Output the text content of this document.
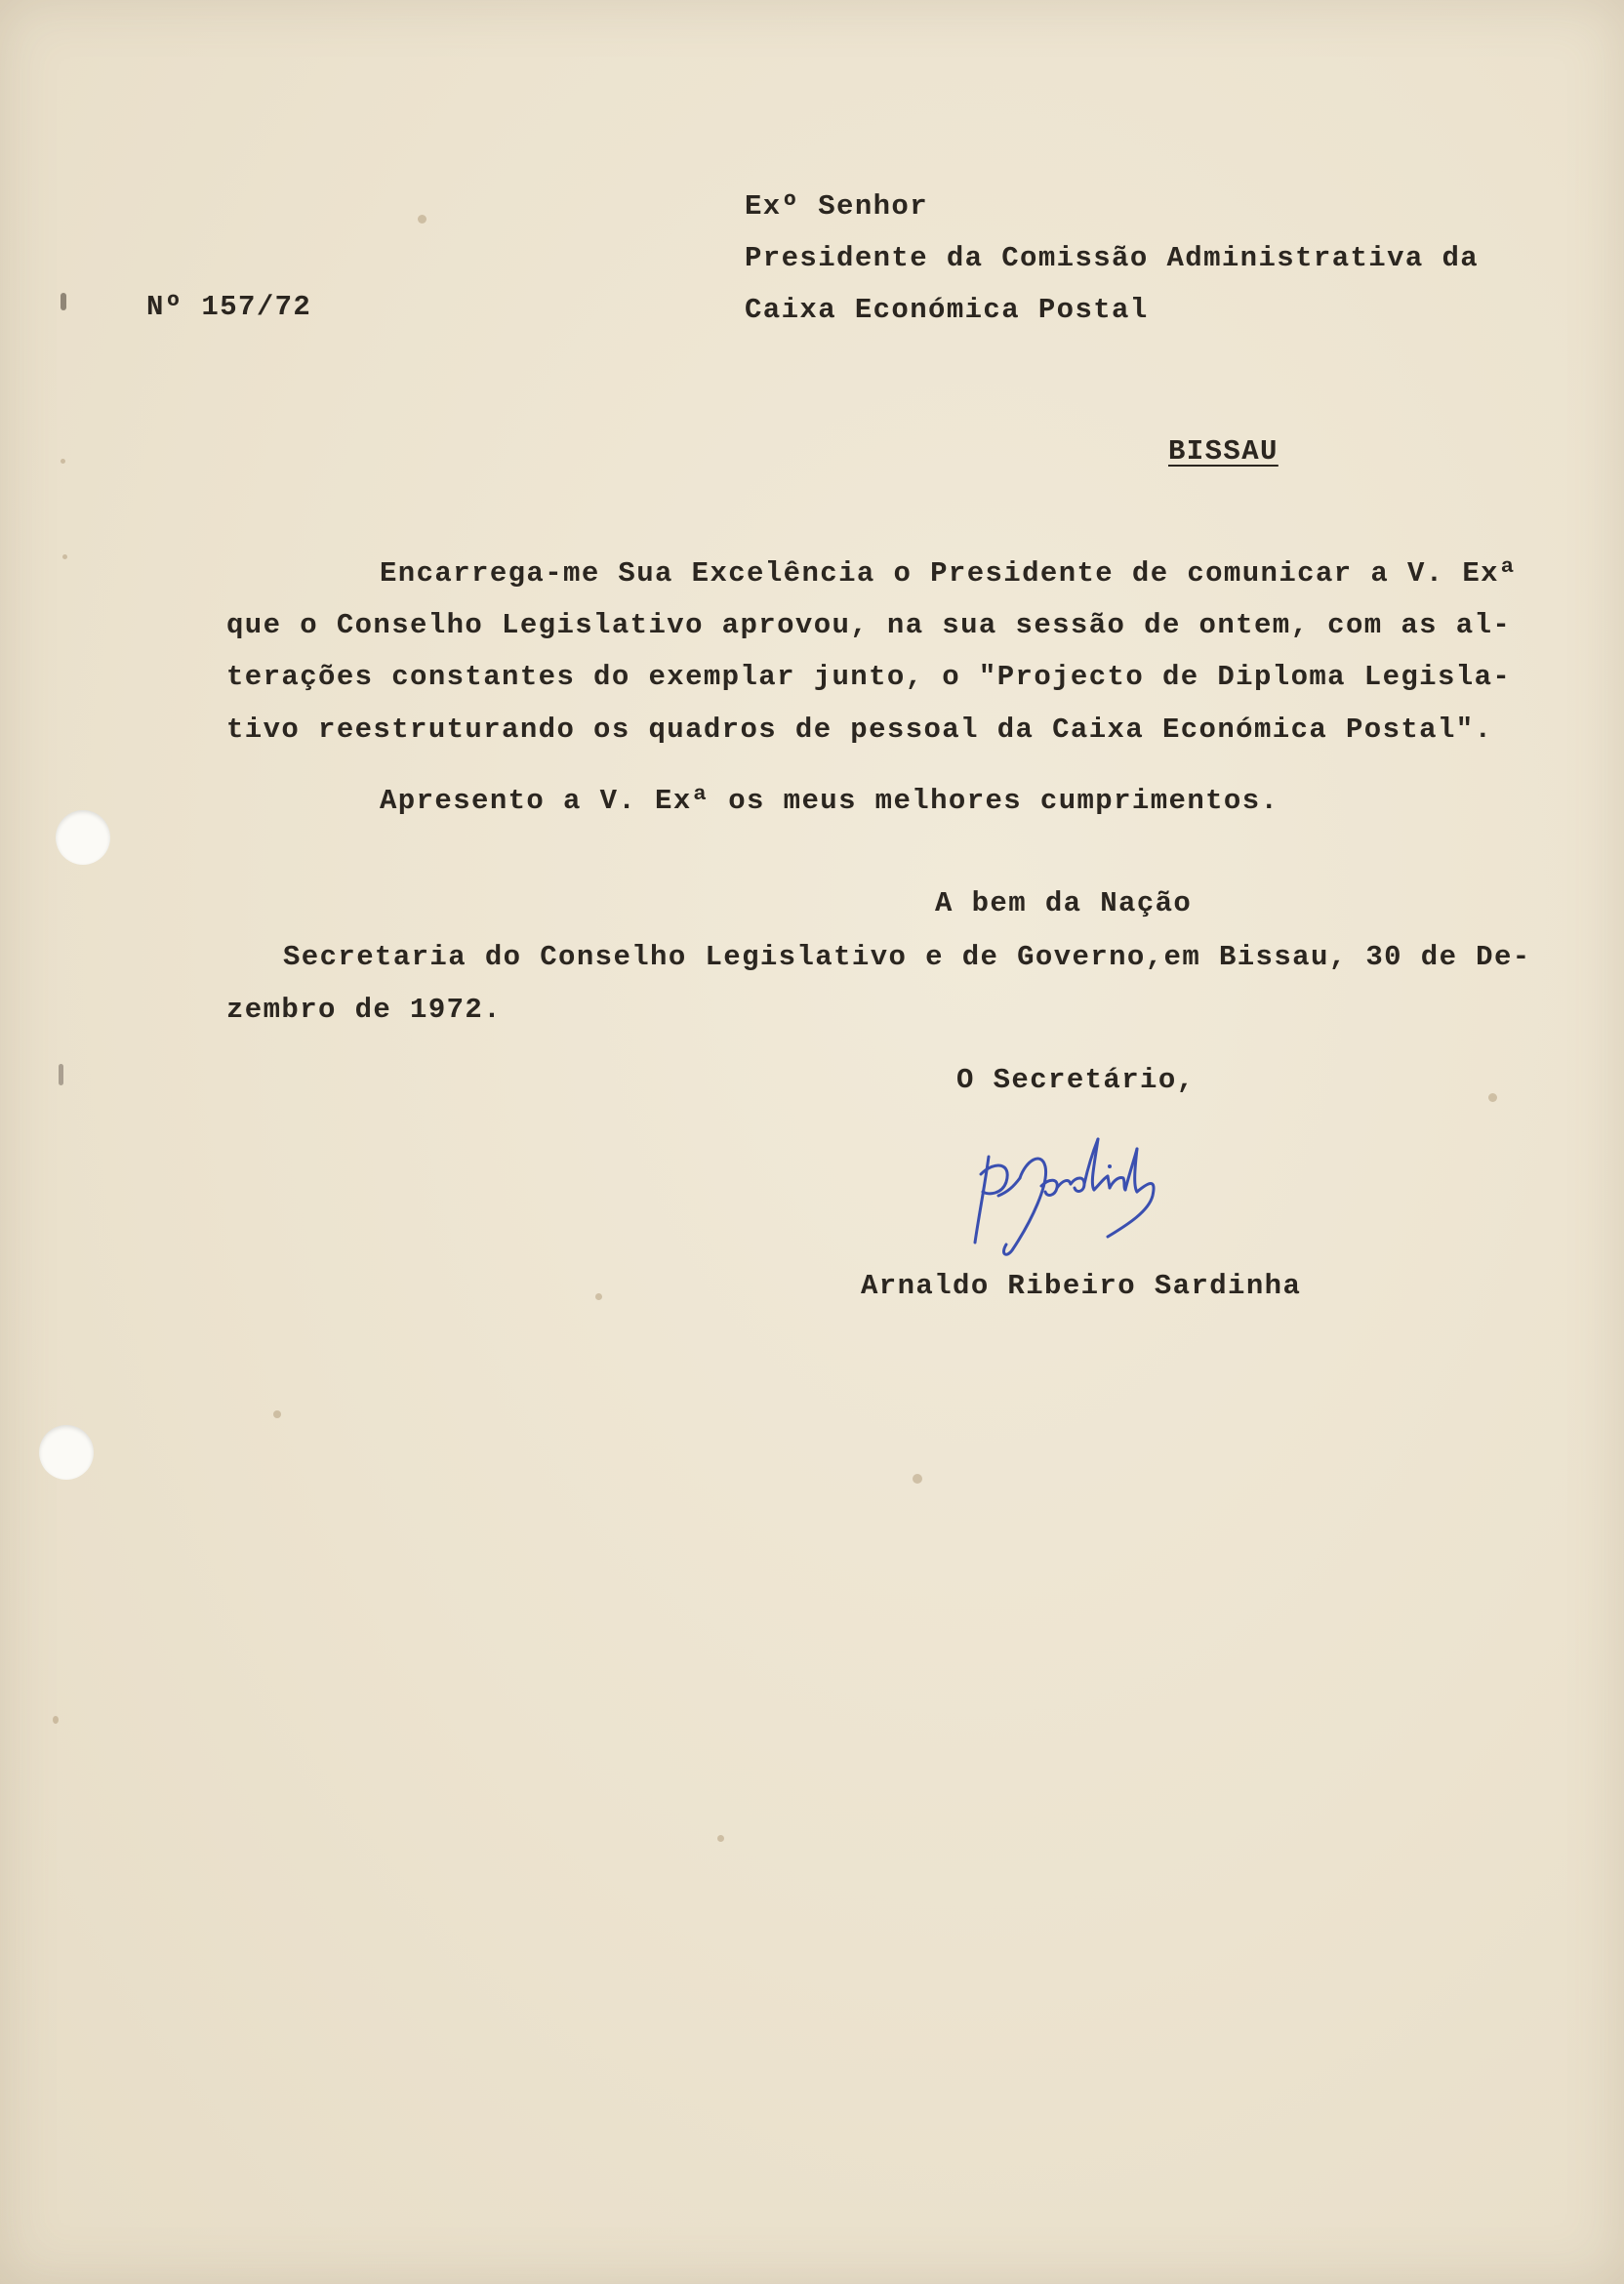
Nº 157/72
Exº Senhor
Presidente da Comissão Administrativa da
Caixa Económica Postal
BISSAU
Encarrega-me Sua Excelência o Presidente de comunicar a V. Exª
que o Conselho Legislativo aprovou, na sua sessão de ontem, com as al-
terações constantes do exemplar junto, o "Projecto de Diploma Legisla-
tivo reestruturando os quadros de pessoal da Caixa Económica Postal".
Apresento a V. Exª os meus melhores cumprimentos.
A bem da Nação
Secretaria do Conselho Legislativo e de Governo,em Bissau, 30 de De-
zembro de 1972.
O Secretário,
Arnaldo Ribeiro Sardinha
